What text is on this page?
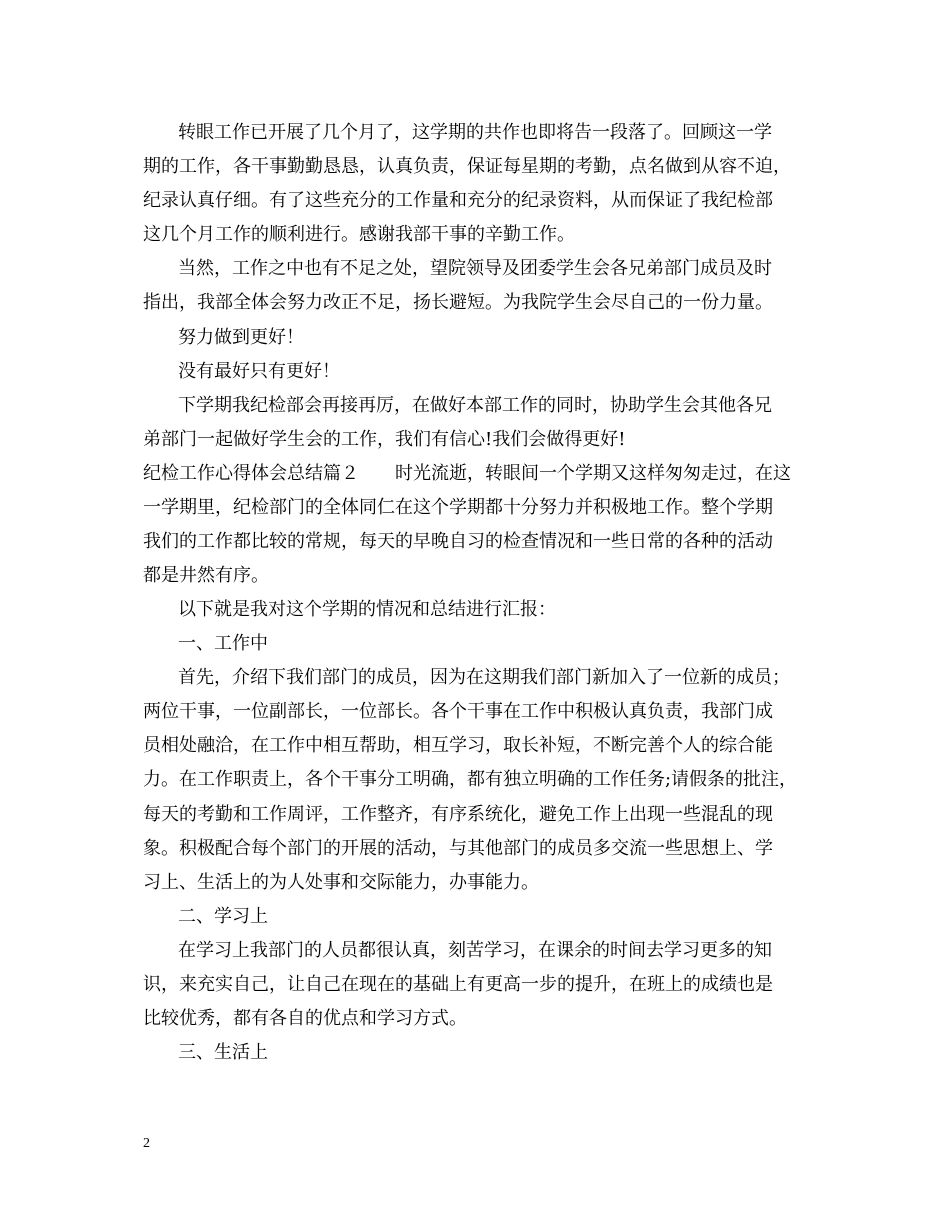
转眼工作已开展了几个月了，这学期的共作也即将告一段落了。回顾这一学
期的工作，各干事勤勤恳恳，认真负责，保证每星期的考勤，点名做到从容不迫，
纪录认真仔细。有了这些充分的工作量和充分的纪录资料，从而保证了我纪检部
这几个月工作的顺利进行。感谢我部干事的辛勤工作。
当然，工作之中也有不足之处，望院领导及团委学生会各兄弟部门成员及时
指出，我部全体会努力改正不足，扬长避短。为我院学生会尽自己的一份力量。
努力做到更好！
没有最好只有更好！
下学期我纪检部会再接再厉，在做好本部工作的同时，协助学生会其他各兄
弟部门一起做好学生会的工作，我们有信心!我们会做得更好!
纪检工作心得体会总结篇２　　时光流逝，转眼间一个学期又这样匆匆走过，在这
一学期里，纪检部门的全体同仁在这个学期都十分努力并积极地工作。整个学期
我们的工作都比较的常规，每天的早晚自习的检查情况和一些日常的各种的活动
都是井然有序。
以下就是我对这个学期的情况和总结进行汇报：
一、工作中
首先，介绍下我们部门的成员，因为在这期我们部门新加入了一位新的成员；
两位干事，一位副部长，一位部长。各个干事在工作中积极认真负责，我部门成
员相处融洽，在工作中相互帮助，相互学习，取长补短，不断完善个人的综合能
力。在工作职责上，各个干事分工明确，都有独立明确的工作任务;请假条的批注，
每天的考勤和工作周评，工作整齐，有序系统化，避免工作上出现一些混乱的现
象。积极配合每个部门的开展的活动，与其他部门的成员多交流一些思想上、学
习上、生活上的为人处事和交际能力，办事能力。
二、学习上
在学习上我部门的人员都很认真，刻苦学习，在课余的时间去学习更多的知
识，来充实自己，让自己在现在的基础上有更高一步的提升，在班上的成绩也是
比较优秀，都有各自的优点和学习方式。
三、生活上
2
